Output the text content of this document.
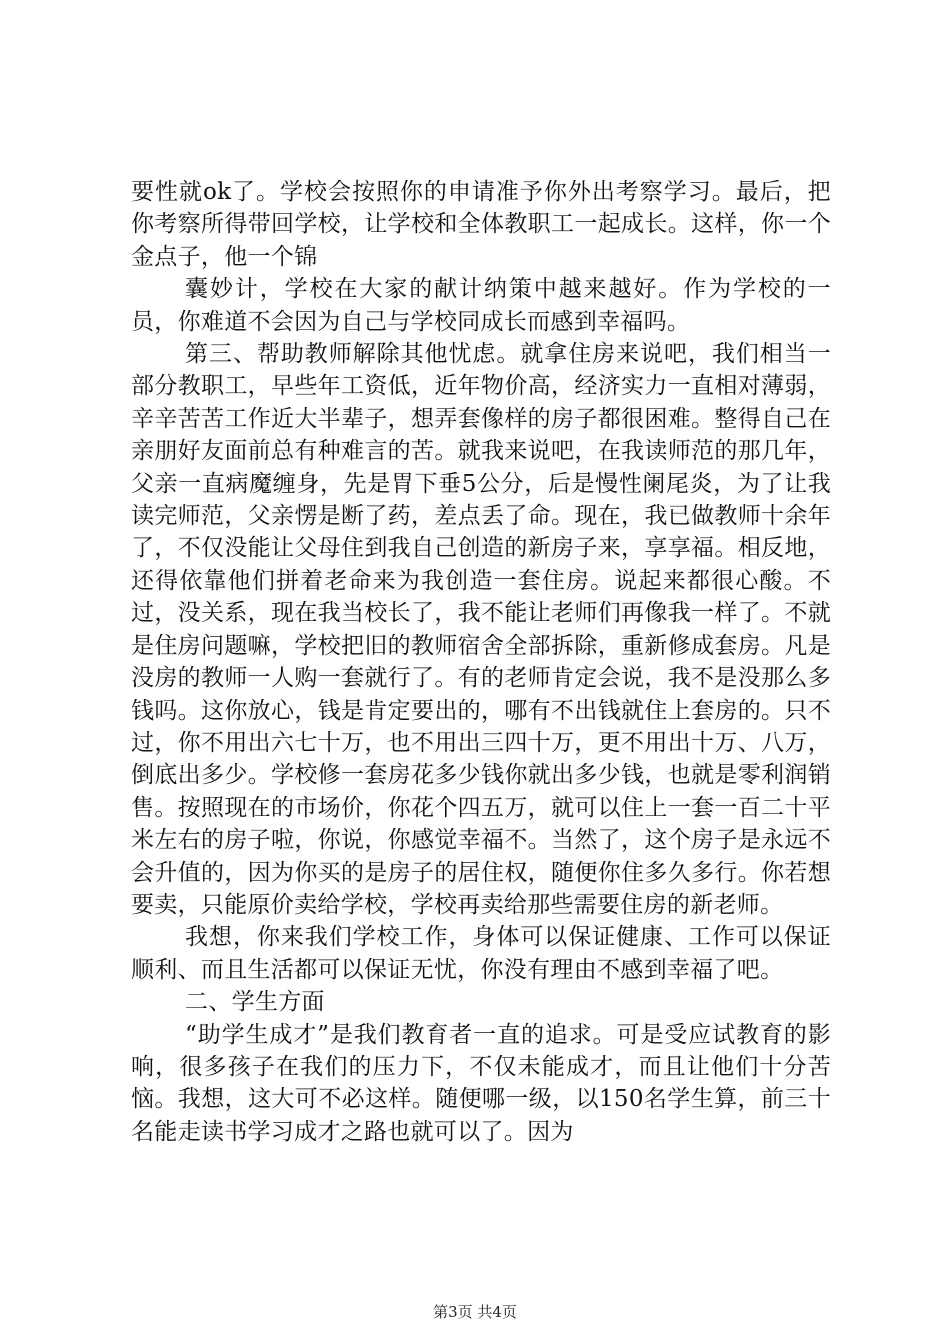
要性就ok了。学校会按照你的申请准予你外出考察学习。最后，把你考察所得带回学校，让学校和全体教职工一起成长。这样，你一个金点子，他一个锦

囊妙计，学校在大家的献计纳策中越来越好。作为学校的一员，你难道不会因为自己与学校同成长而感到幸福吗。

第三、帮助教师解除其他忧虑。就拿住房来说吧，我们相当一部分教职工，早些年工资低，近年物价高，经济实力一直相对薄弱，辛辛苦苦工作近大半辈子，想弄套像样的房子都很困难。整得自己在亲朋好友面前总有种难言的苦。就我来说吧，在我读师范的那几年，父亲一直病魔缠身，先是胃下垂5公分，后是慢性阑尾炎，为了让我读完师范，父亲愣是断了药，差点丢了命。现在，我已做教师十余年了，不仅没能让父母住到我自己创造的新房子来，享享福。相反地，还得依靠他们拼着老命来为我创造一套住房。说起来都很心酸。不过，没关系，现在我当校长了，我不能让老师们再像我一样了。不就是住房问题嘛，学校把旧的教师宿舍全部拆除，重新修成套房。凡是没房的教师一人购一套就行了。有的老师肯定会说，我不是没那么多钱吗。这你放心，钱是肯定要出的，哪有不出钱就住上套房的。只不过，你不用出六七十万，也不用出三四十万，更不用出十万、八万，倒底出多少。学校修一套房花多少钱你就出多少钱，也就是零利润销售。按照现在的市场价，你花个四五万，就可以住上一套一百二十平米左右的房子啦，你说，你感觉幸福不。当然了，这个房子是永远不会升值的，因为你买的是房子的居住权，随便你住多久多行。你若想要卖，只能原价卖给学校，学校再卖给那些需要住房的新老师。

我想，你来我们学校工作，身体可以保证健康、工作可以保证顺利、而且生活都可以保证无忧，你没有理由不感到幸福了吧。

二、学生方面

“助学生成才”是我们教育者一直的追求。可是受应试教育的影响，很多孩子在我们的压力下，不仅未能成才，而且让他们十分苦恼。我想，这大可不必这样。随便哪一级，以150名学生算，前三十名能走读书学习成才之路也就可以了。因为

第3页 共4页
